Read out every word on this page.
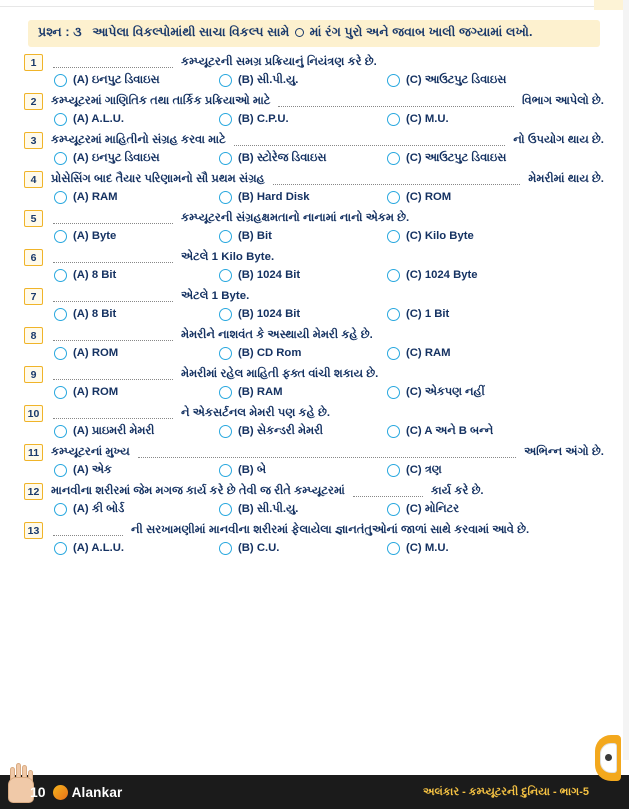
પ્રશ્ન : ૩ આપેલા વિકલ્પોમાંથી સાચા વિકલ્પ સામે માં રંગ પુરો અને જવાબ ખાલી જગ્યામાં લખો.
1	કમ્પ્યૂટરની સમગ્ર પ્રક્રિયાનું નિયંત્રણ કરે છે.
(A) ઇનપુટ ડિવાઇસ	(B) સી.પી.યુ.	(C) આઉટપુટ ડિવાઇસ
2	કમ્પ્યૂટરમાં ગાણિતિક તથા તાર્કિક પ્રક્રિયાઓ માટે	વિભાગ આપેલો છે.
(A) A.L.U.	(B) C.P.U.	(C) M.U.
3	કમ્પ્યૂટરમાં માહિતીનો સંગ્રહ કરવા માટે	નો ઉપયોગ થાય છે.
(A) ઇનપુટ ડિવાઇસ	(B) સ્ટોરેજ ડિવાઇસ	(C) આઉટપુટ ડિવાઇસ
4	પ્રોસેસિંગ બાદ તૈયાર પરિણામનો સૌ પ્રથમ સંગ્રહ	મેમરીમાં થાય છે.
(A) RAM	(B) Hard Disk	(C) ROM
5	કમ્પ્યૂટરની સંગ્રહક્ષમતાનો નાનામાં નાનો એકમ છે.
(A) Byte	(B) Bit	(C) Kilo Byte
6	એટલે 1 Kilo Byte.
(A) 8 Bit	(B) 1024 Bit	(C) 1024 Byte
7	એટલે 1 Byte.
(A) 8 Bit	(B) 1024 Bit	(C) 1 Bit
8	મેમરીને નાશવંત કે અસ્થાયી મેમરી કહે છે.
(A) ROM	(B) CD Rom	(C) RAM
9	મેમરીમાં રહેલ માહિતી ફક્ત વાંચી શકાય છે.
(A) ROM	(B) RAM	(C) એકપણ નહીં
10	ને એકસર્ટનલ મેમરી પણ કહે છે.
(A) પ્રાઇમરી મેમરી	(B) સેકન્ડરી મેમરી	(C) A અને B બન્ને
11	કમ્પ્યૂટરનાં મુખ્ય	અભિન્ન અંગો છે.
(A) એક	(B) બે	(C) ત્રણ
12	માનવીના શરીરમાં જેમ મગજ કાર્ય કરે છે તેવી જ રીતે કમ્પ્યૂટરમાં	કાર્ય કરે છે.
(A) કી બોર્ડ	(B) સી.પી.યુ.	(C) મોનિટર
13	ની સરખામણીમાં માનવીના શરીરમાં ફેલાયેલા જ્ઞાનતંતુઓનાં જાળાં સાથે કરવામાં આવે છે.
(A) A.L.U.	(B) C.U.	(C) M.U.
10 Alankar	અલંકાર - કમ્પ્યૂટરની દુનિયા - ભાગ-5
